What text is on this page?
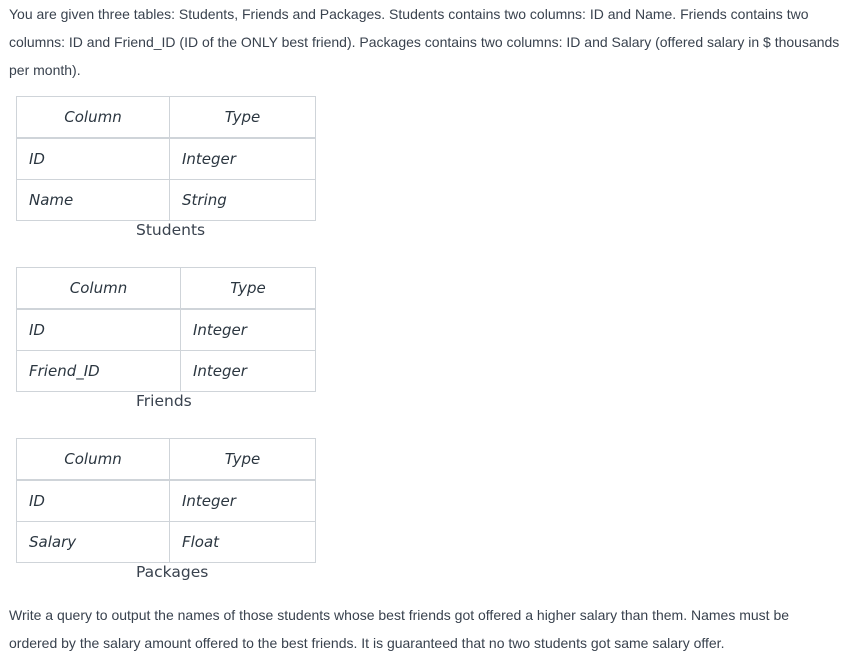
You are given three tables: Students, Friends and Packages. Students contains two columns: ID and Name. Friends contains two columns: ID and Friend_ID (ID of the ONLY best friend). Packages contains two columns: ID and Salary (offered salary in $ thousands per month).

Column	Type
ID	Integer
Name	String
Students
Column	Type
ID	Integer
Friend_ID	Integer
Friends
Column	Type
ID	Integer
Salary	Float
Packages

Write a query to output the names of those students whose best friends got offered a higher salary than them. Names must be ordered by the salary amount offered to the best friends. It is guaranteed that no two students got same salary offer.
